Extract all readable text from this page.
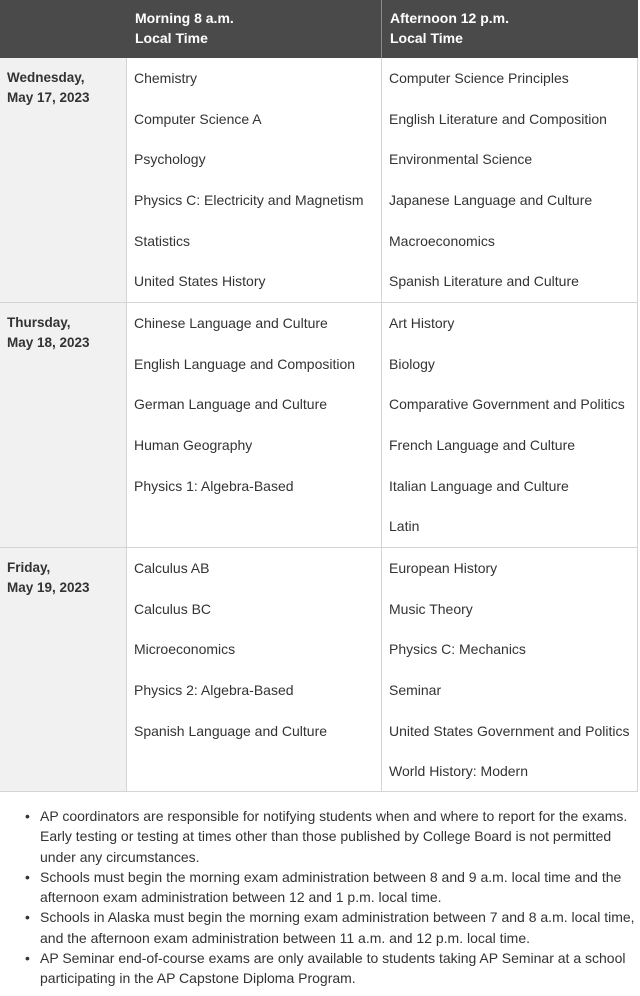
Morning 8 a.m.
Local Time
Afternoon 12 p.m.
Local Time
Wednesday,
May 17, 2023
Chemistry
Computer Science A
Psychology
Physics C: Electricity and Magnetism
Statistics
United States History
Computer Science Principles
English Literature and Composition
Environmental Science
Japanese Language and Culture
Macroeconomics
Spanish Literature and Culture
Thursday,
May 18, 2023
Chinese Language and Culture
English Language and Composition
German Language and Culture
Human Geography
Physics 1: Algebra-Based
Art History
Biology
Comparative Government and Politics
French Language and Culture
Italian Language and Culture
Latin
Friday,
May 19, 2023
Calculus AB
Calculus BC
Microeconomics
Physics 2: Algebra-Based
Spanish Language and Culture
European History
Music Theory
Physics C: Mechanics
Seminar
United States Government and Politics
World History: Modern
• AP coordinators are responsible for notifying students when and where to report for the exams. Early testing or testing at times other than those published by College Board is not permitted under any circumstances.
• Schools must begin the morning exam administration between 8 and 9 a.m. local time and the afternoon exam administration between 12 and 1 p.m. local time.
• Schools in Alaska must begin the morning exam administration between 7 and 8 a.m. local time, and the afternoon exam administration between 11 a.m. and 12 p.m. local time.
• AP Seminar end-of-course exams are only available to students taking AP Seminar at a school participating in the AP Capstone Diploma Program.
